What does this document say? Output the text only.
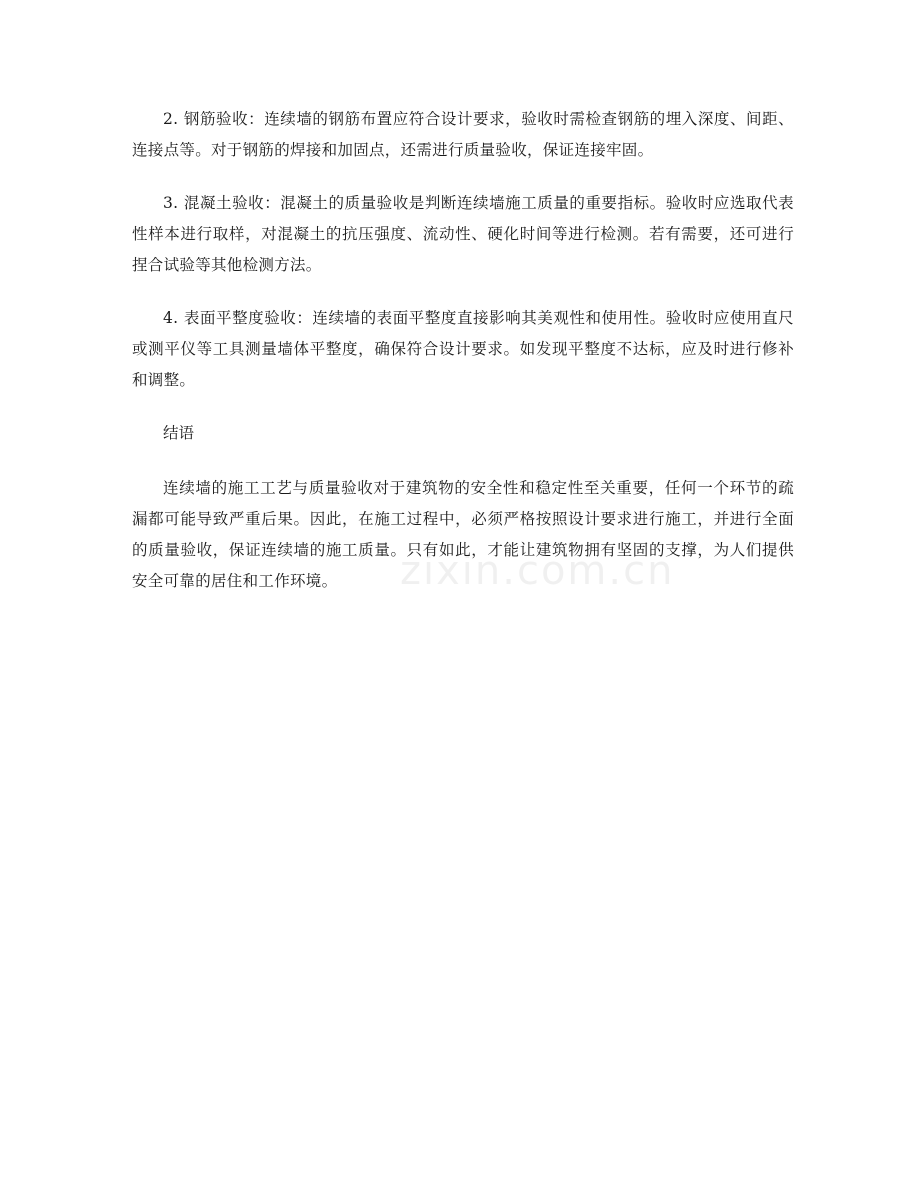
2. 钢筋验收：连续墙的钢筋布置应符合设计要求，验收时需检查钢筋的埋入深度、间距、连接点等。对于钢筋的焊接和加固点，还需进行质量验收，保证连接牢固。

3. 混凝土验收：混凝土的质量验收是判断连续墙施工质量的重要指标。验收时应选取代表性样本进行取样，对混凝土的抗压强度、流动性、硬化时间等进行检测。若有需要，还可进行捏合试验等其他检测方法。

4. 表面平整度验收：连续墙的表面平整度直接影响其美观性和使用性。验收时应使用直尺或测平仪等工具测量墙体平整度，确保符合设计要求。如发现平整度不达标，应及时进行修补和调整。

结语

连续墙的施工工艺与质量验收对于建筑物的安全性和稳定性至关重要，任何一个环节的疏漏都可能导致严重后果。因此，在施工过程中，必须严格按照设计要求进行施工，并进行全面的质量验收，保证连续墙的施工质量。只有如此，才能让建筑物拥有坚固的支撑，为人们提供安全可靠的居住和工作环境。	zixin.com.cn
